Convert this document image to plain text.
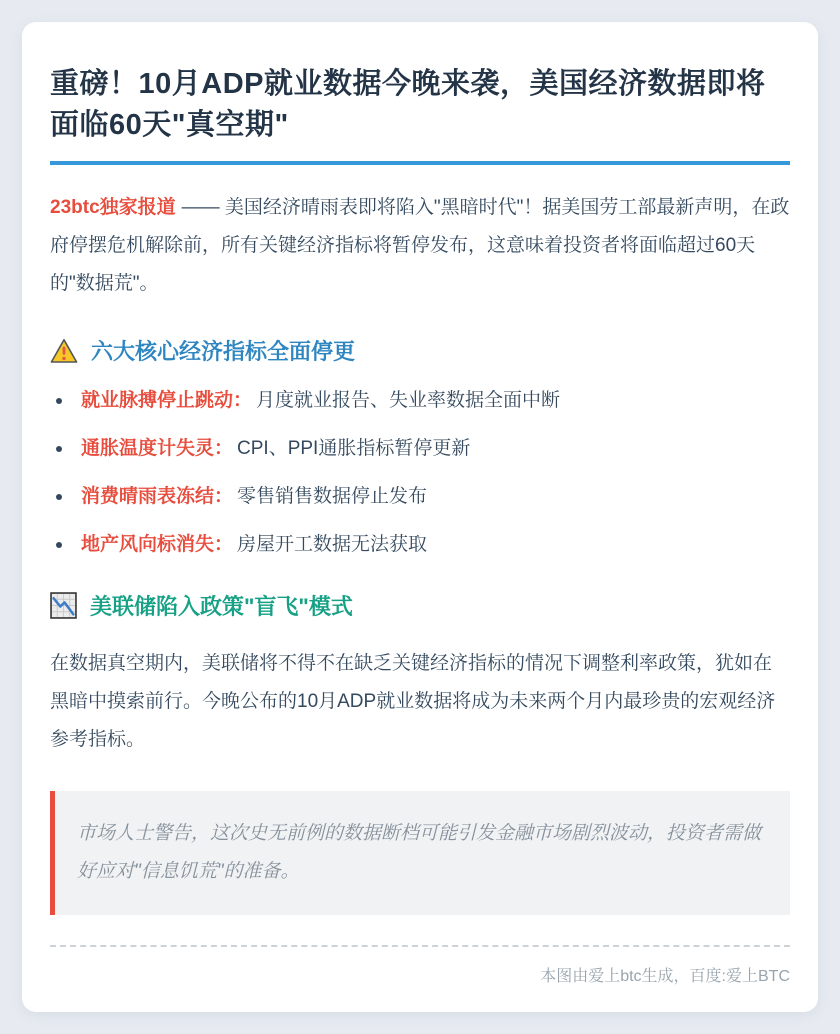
重磅！10月ADP就业数据今晚来袭，美国经济数据即将面临60天"真空期"

23btc独家报道 —— 美国经济晴雨表即将陷入"黑暗时代"！据美国劳工部最新声明，在政府停摆危机解除前，所有关键经济指标将暂停发布，这意味着投资者将面临超过60天的"数据荒"。

六大核心经济指标全面停更
就业脉搏停止跳动： 月度就业报告、失业率数据全面中断
通胀温度计失灵： CPI、PPI通胀指标暂停更新
消费晴雨表冻结： 零售销售数据停止发布
地产风向标消失： 房屋开工数据无法获取
美联储陷入政策"盲飞"模式

在数据真空期内，美联储将不得不在缺乏关键经济指标的情况下调整利率政策，犹如在黑暗中摸索前行。今晚公布的10月ADP就业数据将成为未来两个月内最珍贵的宏观经济参考指标。

市场人士警告，这次史无前例的数据断档可能引发金融市场剧烈波动，投资者需做好应对"信息饥荒"的准备。
本图由爱上btc生成，百度:爱上BTC
